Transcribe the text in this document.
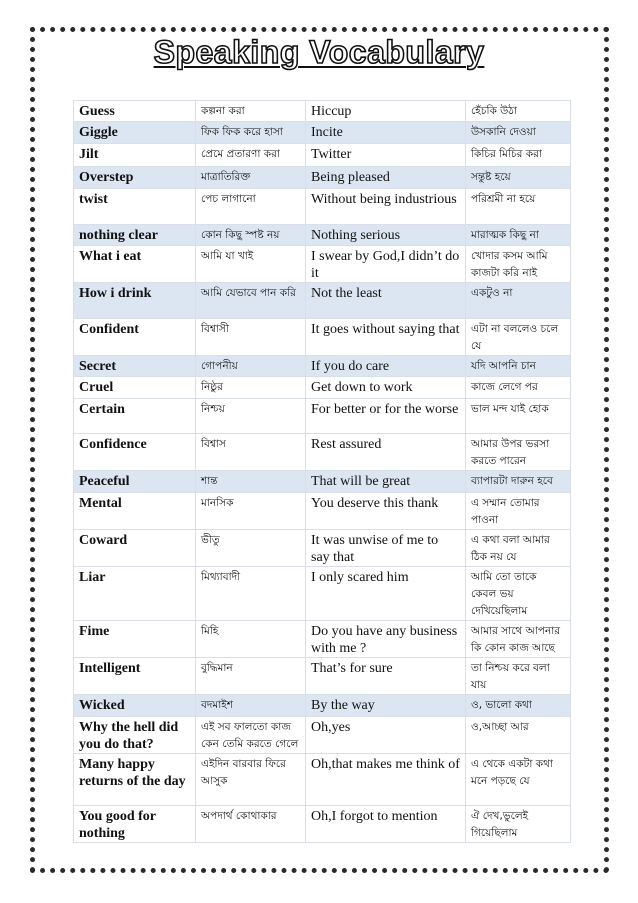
Speaking Vocabulary
Guess	কল্পনা করা	Hiccup	হেঁচকি উঠা
Giggle	ফিক ফিক করে হাসা	Incite	উসকানি দেওয়া
Jilt	প্রেমে প্রতারণা করা	Twitter	কিচির মিচির করা
Overstep	মাত্রাতিরিক্ত	Being pleased	সন্তুষ্ট হয়ে
twist	পেচ লাগানো	Without being industrious	পরিশ্রমী না হয়ে
nothing clear	কোন কিছু স্পষ্ট নয়	Nothing serious	মারাত্মক কিছু না
What i eat	আমি যা খাই	I swear by God,I didn’t do it	খোদার কসম আমি কাজটা করি নাই
How i drink	আমি যেভাবে পান করি	Not the least	একটুও না
Confident	বিশ্বাসী	It goes without saying that	এটা না বললেও চলে যে
Secret	গোপনীয়	If you do care	যদি আপনি চান
Cruel	নিষ্ঠুর	Get down to work	কাজে লেগে পর
Certain	নিশ্চয়	For better or for the worse	ভাল মন্দ যাই হোক
Confidence	বিশ্বাস	Rest assured	আমার উপর ভরসা করতে পারেন
Peaceful	শান্ত	That will be great	ব্যাপারটা দারুন হবে
Mental	মানসিক	You deserve this thank	এ সম্মান তোমার পাওনা
Coward	ভীতু	It was unwise of me to say that	এ কথা বলা আমার ঠিক নয় যে
Liar	মিথ্যাবাদী	I only scared him	আমি তো তাকে কেবল ভয় দেখিয়েছিলাম
Fime	মিহি	Do you have any business with me ?	আমার সাথে আপনার কি কোন কাজ আছে
Intelligent	বুদ্ধিমান	That’s for sure	তা নিশ্চয় করে বলা যায়
Wicked	বদমাইশ	By the way	ও, ভালো কথা
Why the hell did you do that?	এই সব ফালতো কাজ কেন তেমি করতে গেলে	Oh,yes	ও,আচ্ছা আর
Many happy returns of the day	এইদিন বারবার ফিরে আসুক	Oh,that makes me think of	এ থেকে একটা কথা মনে পড়ছে যে
You good for nothing	অপদার্থ কোথাকার	Oh,I forgot to mention	ঐ দেখ,ভুলেই গিয়েছিলাম
